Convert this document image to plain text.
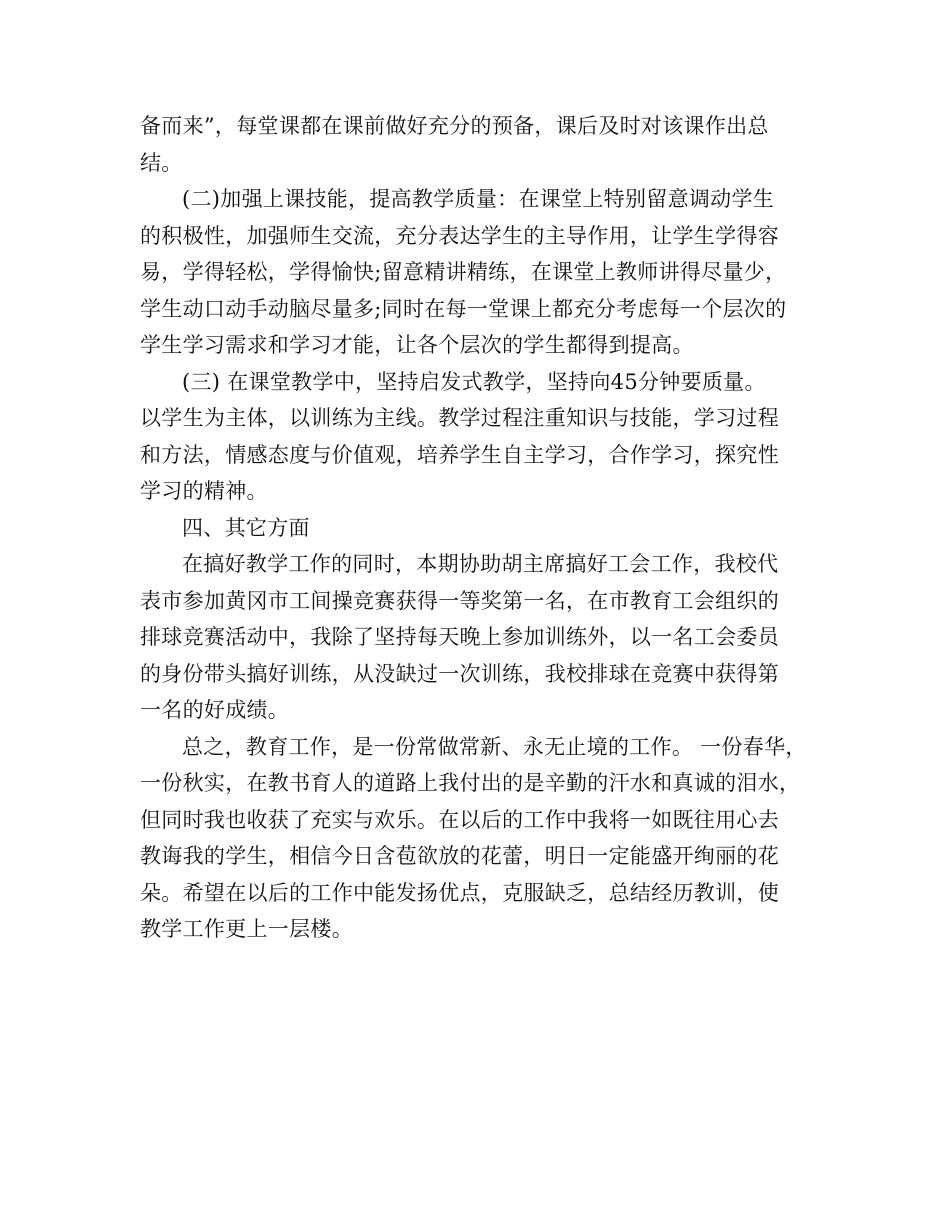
备而来”，每堂课都在课前做好充分的预备，课后及时对该课作出总
结。
(二)加强上课技能，提高教学质量：在课堂上特别留意调动学生
的积极性，加强师生交流，充分表达学生的主导作用，让学生学得容
易，学得轻松，学得愉快;留意精讲精练，在课堂上教师讲得尽量少，
学生动口动手动脑尽量多;同时在每一堂课上都充分考虑每一个层次的
学生学习需求和学习才能，让各个层次的学生都得到提高。
(三) 在课堂教学中，坚持启发式教学，坚持向45分钟要质量。
以学生为主体，以训练为主线。教学过程注重知识与技能，学习过程
和方法，情感态度与价值观，培养学生自主学习，合作学习，探究性
学习的精神。
四、其它方面
在搞好教学工作的同时，本期协助胡主席搞好工会工作，我校代
表市参加黄冈市工间操竞赛获得一等奖第一名，在市教育工会组织的
排球竞赛活动中，我除了坚持每天晚上参加训练外，以一名工会委员
的身份带头搞好训练，从没缺过一次训练，我校排球在竞赛中获得第
一名的好成绩。
总之，教育工作，是一份常做常新、永无止境的工作。 一份春华，
一份秋实，在教书育人的道路上我付出的是辛勤的汗水和真诚的泪水，
但同时我也收获了充实与欢乐。在以后的工作中我将一如既往用心去
教诲我的学生，相信今日含苞欲放的花蕾，明日一定能盛开绚丽的花
朵。希望在以后的工作中能发扬优点，克服缺乏，总结经历教训，使
教学工作更上一层楼。
